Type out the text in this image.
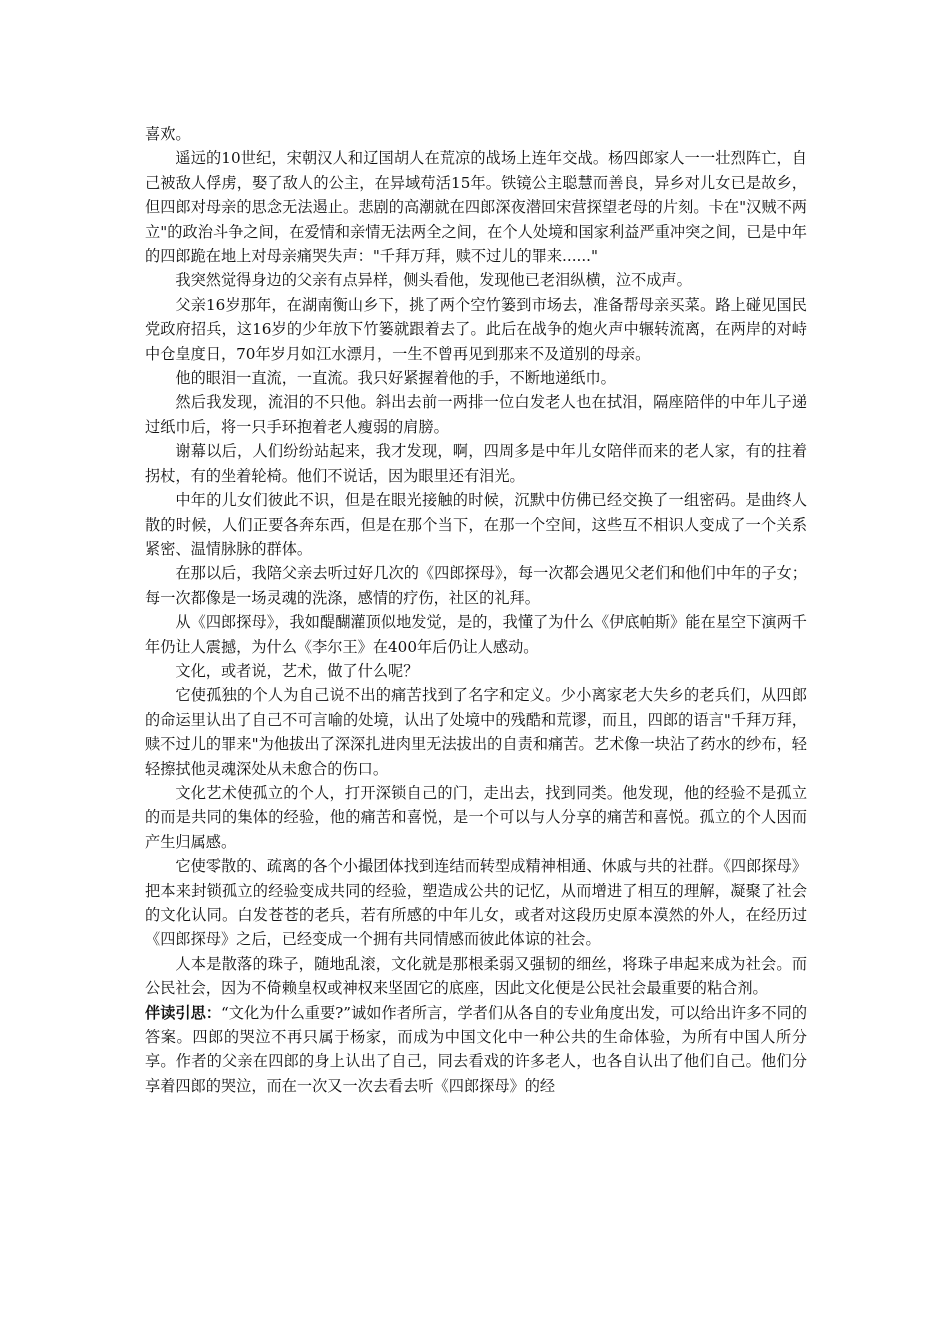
喜欢。

遥远的10世纪，宋朝汉人和辽国胡人在荒凉的战场上连年交战。杨四郎家人一一壮烈阵亡，自己被敌人俘虏，娶了敌人的公主，在异域苟活15年。铁镜公主聪慧而善良，异乡对儿女已是故乡，但四郎对母亲的思念无法遏止。悲剧的高潮就在四郎深夜潜回宋营探望老母的片刻。卡在"汉贼不两立"的政治斗争之间，在爱情和亲情无法两全之间，在个人处境和国家利益严重冲突之间，已是中年的四郎跪在地上对母亲痛哭失声："千拜万拜，赎不过儿的罪来......"

我突然觉得身边的父亲有点异样，侧头看他，发现他已老泪纵横，泣不成声。

父亲16岁那年，在湖南衡山乡下，挑了两个空竹篓到市场去，准备帮母亲买菜。路上碰见国民党政府招兵，这16岁的少年放下竹篓就跟着去了。此后在战争的炮火声中辗转流离，在两岸的对峙中仓皇度日，70年岁月如江水漂月，一生不曾再见到那来不及道别的母亲。

他的眼泪一直流，一直流。我只好紧握着他的手，不断地递纸巾。

然后我发现，流泪的不只他。斜出去前一两排一位白发老人也在拭泪，隔座陪伴的中年儿子递过纸巾后，将一只手环抱着老人瘦弱的肩膀。

谢幕以后，人们纷纷站起来，我才发现，啊，四周多是中年儿女陪伴而来的老人家，有的拄着拐杖，有的坐着轮椅。他们不说话，因为眼里还有泪光。

中年的儿女们彼此不识，但是在眼光接触的时候，沉默中仿佛已经交换了一组密码。是曲终人散的时候，人们正要各奔东西，但是在那个当下，在那一个空间，这些互不相识人变成了一个关系紧密、温情脉脉的群体。

在那以后，我陪父亲去听过好几次的《四郎探母》，每一次都会遇见父老们和他们中年的子女；每一次都像是一场灵魂的洗涤，感情的疗伤，社区的礼拜。

从《四郎探母》，我如醍醐灌顶似地发觉，是的，我懂了为什么《伊底帕斯》能在星空下演两千年仍让人震撼，为什么《李尔王》在400年后仍让人感动。

文化，或者说，艺术，做了什么呢？

它使孤独的个人为自己说不出的痛苦找到了名字和定义。少小离家老大失乡的老兵们，从四郎的命运里认出了自己不可言喻的处境，认出了处境中的残酷和荒谬，而且，四郎的语言"千拜万拜，赎不过儿的罪来"为他拔出了深深扎进肉里无法拔出的自责和痛苦。艺术像一块沾了药水的纱布，轻轻擦拭他灵魂深处从未愈合的伤口。

文化艺术使孤立的个人，打开深锁自己的门，走出去，找到同类。他发现，他的经验不是孤立的而是共同的集体的经验，他的痛苦和喜悦，是一个可以与人分享的痛苦和喜悦。孤立的个人因而产生归属感。

它使零散的、疏离的各个小撮团体找到连结而转型成精神相通、休戚与共的社群。《四郎探母》把本来封锁孤立的经验变成共同的经验，塑造成公共的记忆，从而增进了相互的理解，凝聚了社会的文化认同。白发苍苍的老兵，若有所感的中年儿女，或者对这段历史原本漠然的外人，在经历过《四郎探母》之后，已经变成一个拥有共同情感而彼此体谅的社会。

人本是散落的珠子，随地乱滚，文化就是那根柔弱又强韧的细丝，将珠子串起来成为社会。而公民社会，因为不倚赖皇权或神权来坚固它的底座，因此文化便是公民社会最重要的粘合剂。

伴读引思：“文化为什么重要?”诚如作者所言，学者们从各自的专业角度出发，可以给出许多不同的答案。四郎的哭泣不再只属于杨家，而成为中国文化中一种公共的生命体验，为所有中国人所分享。作者的父亲在四郎的身上认出了自己，同去看戏的许多老人，也各自认出了他们自己。他们分享着四郎的哭泣，而在一次又一次去看去听《四郎探母》的经
